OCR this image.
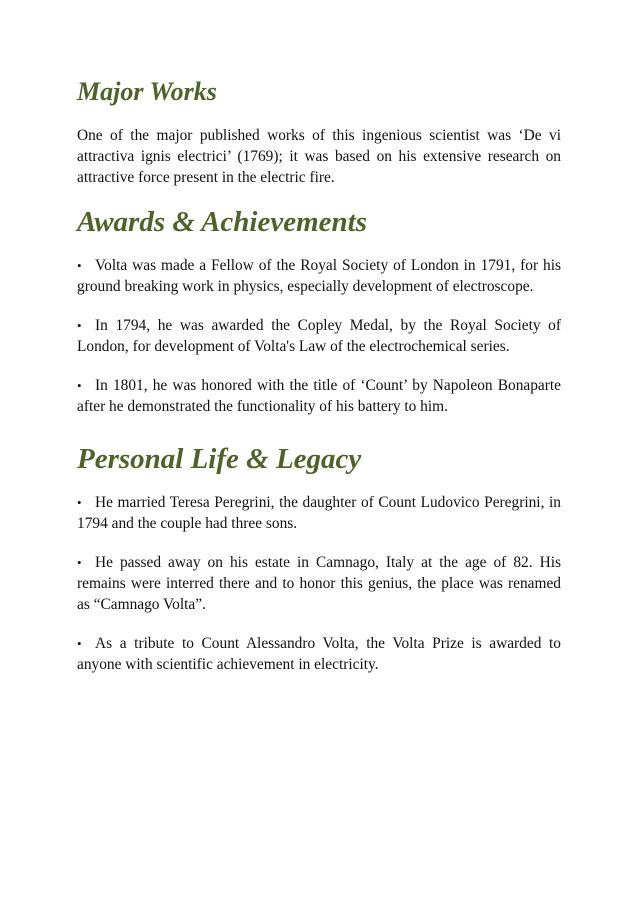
Major Works

One of the major published works of this ingenious scientist was ‘De vi attractiva ignis electrici’ (1769); it was based on his extensive research on attractive force present in the electric fire.

Awards & Achievements
• Volta was made a Fellow of the Royal Society of London in 1791, for his ground breaking work in physics, especially development of electroscope.
• In 1794, he was awarded the Copley Medal, by the Royal Society of London, for development of Volta's Law of the electrochemical series.
• In 1801, he was honored with the title of ‘Count’ by Napoleon Bonaparte after he demonstrated the functionality of his battery to him.
Personal Life & Legacy
• He married Teresa Peregrini, the daughter of Count Ludovico Peregrini, in 1794 and the couple had three sons.
• He passed away on his estate in Camnago, Italy at the age of 82. His remains were interred there and to honor this genius, the place was renamed as “Camnago Volta”.
• As a tribute to Count Alessandro Volta, the Volta Prize is awarded to anyone with scientific achievement in electricity.
